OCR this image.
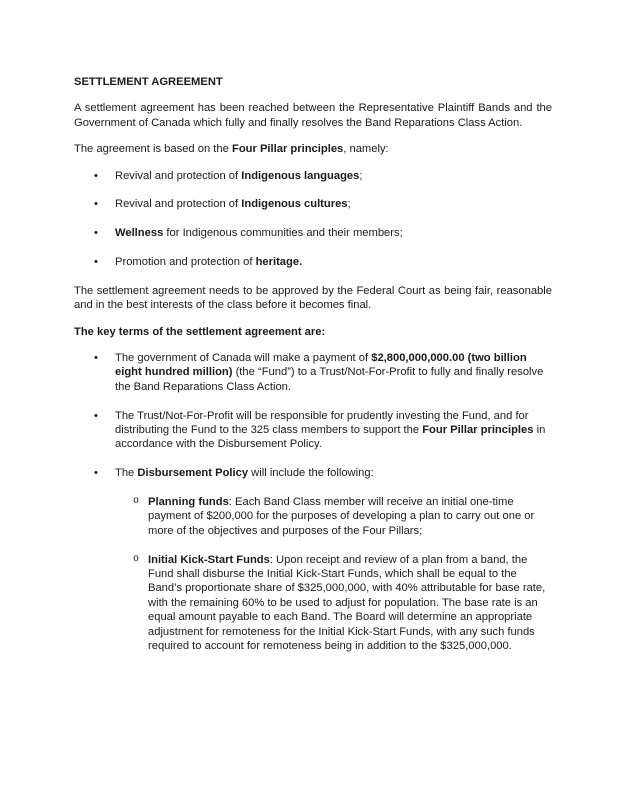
SETTLEMENT AGREEMENT

A settlement agreement has been reached between the Representative Plaintiff Bands and the Government of Canada which fully and finally resolves the Band Reparations Class Action.

The agreement is based on the Four Pillar principles, namely:

• Revival and protection of Indigenous languages;
• Revival and protection of Indigenous cultures;
• Wellness for Indigenous communities and their members;
• Promotion and protection of heritage.

The settlement agreement needs to be approved by the Federal Court as being fair, reasonable and in the best interests of the class before it becomes final.

The key terms of the settlement agreement are:

• The government of Canada will make a payment of $2,800,000,000.00 (two billion eight hundred million) (the “Fund”) to a Trust/Not-For-Profit to fully and finally resolve the Band Reparations Class Action.
• The Trust/Not-For-Profit will be responsible for prudently investing the Fund, and for distributing the Fund to the 325 class members to support the Four Pillar principles in accordance with the Disbursement Policy.
• The Disbursement Policy will include the following:
o Planning funds: Each Band Class member will receive an initial one-time payment of $200,000 for the purposes of developing a plan to carry out one or more of the objectives and purposes of the Four Pillars;
o Initial Kick-Start Funds: Upon receipt and review of a plan from a band, the Fund shall disburse the Initial Kick-Start Funds, which shall be equal to the Band’s proportionate share of $325,000,000, with 40% attributable for base rate, with the remaining 60% to be used to adjust for population. The base rate is an equal amount payable to each Band. The Board will determine an appropriate adjustment for remoteness for the Initial Kick-Start Funds, with any such funds required to account for remoteness being in addition to the $325,000,000.
